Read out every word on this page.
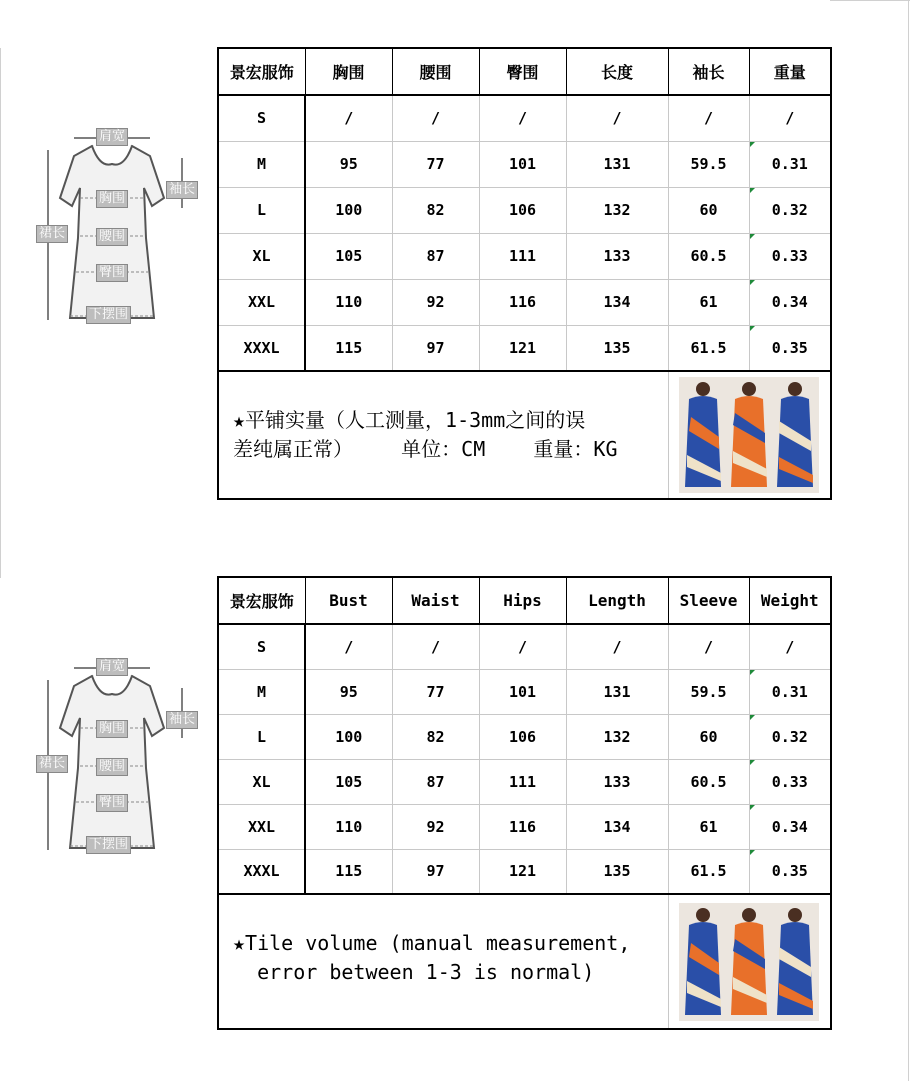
肩宽
胸围
袖长
裙长	腰围
臀围
下摆围
景宏服饰	胸围	腰围	臀围	长度	袖长	重量
S	/	/	/	/	/	/
M	95	77	101	131	59.5	0.31
L	100	82	106	132	60	0.32
XL	105	87	111	133	60.5	0.33
XXL	110	92	116	134	61	0.34
XXXL	115	97	121	135	61.5	0.35

★平铺实量（人工测量，1-3mm之间的误
差纯属正常）    单位：CM    重量：KG

肩宽
胸围
袖长
裙长	腰围
臀围
下摆围
景宏服饰	Bust	Waist	Hips	Length	Sleeve	Weight
S	/	/	/	/	/	/
M	95	77	101	131	59.5	0.31
L	100	82	106	132	60	0.32
XL	105	87	111	133	60.5	0.33
XXL	110	92	116	134	61	0.34
XXXL	115	97	121	135	61.5	0.35

★Tile volume (manual measurement,
error between 1-3 is normal)
